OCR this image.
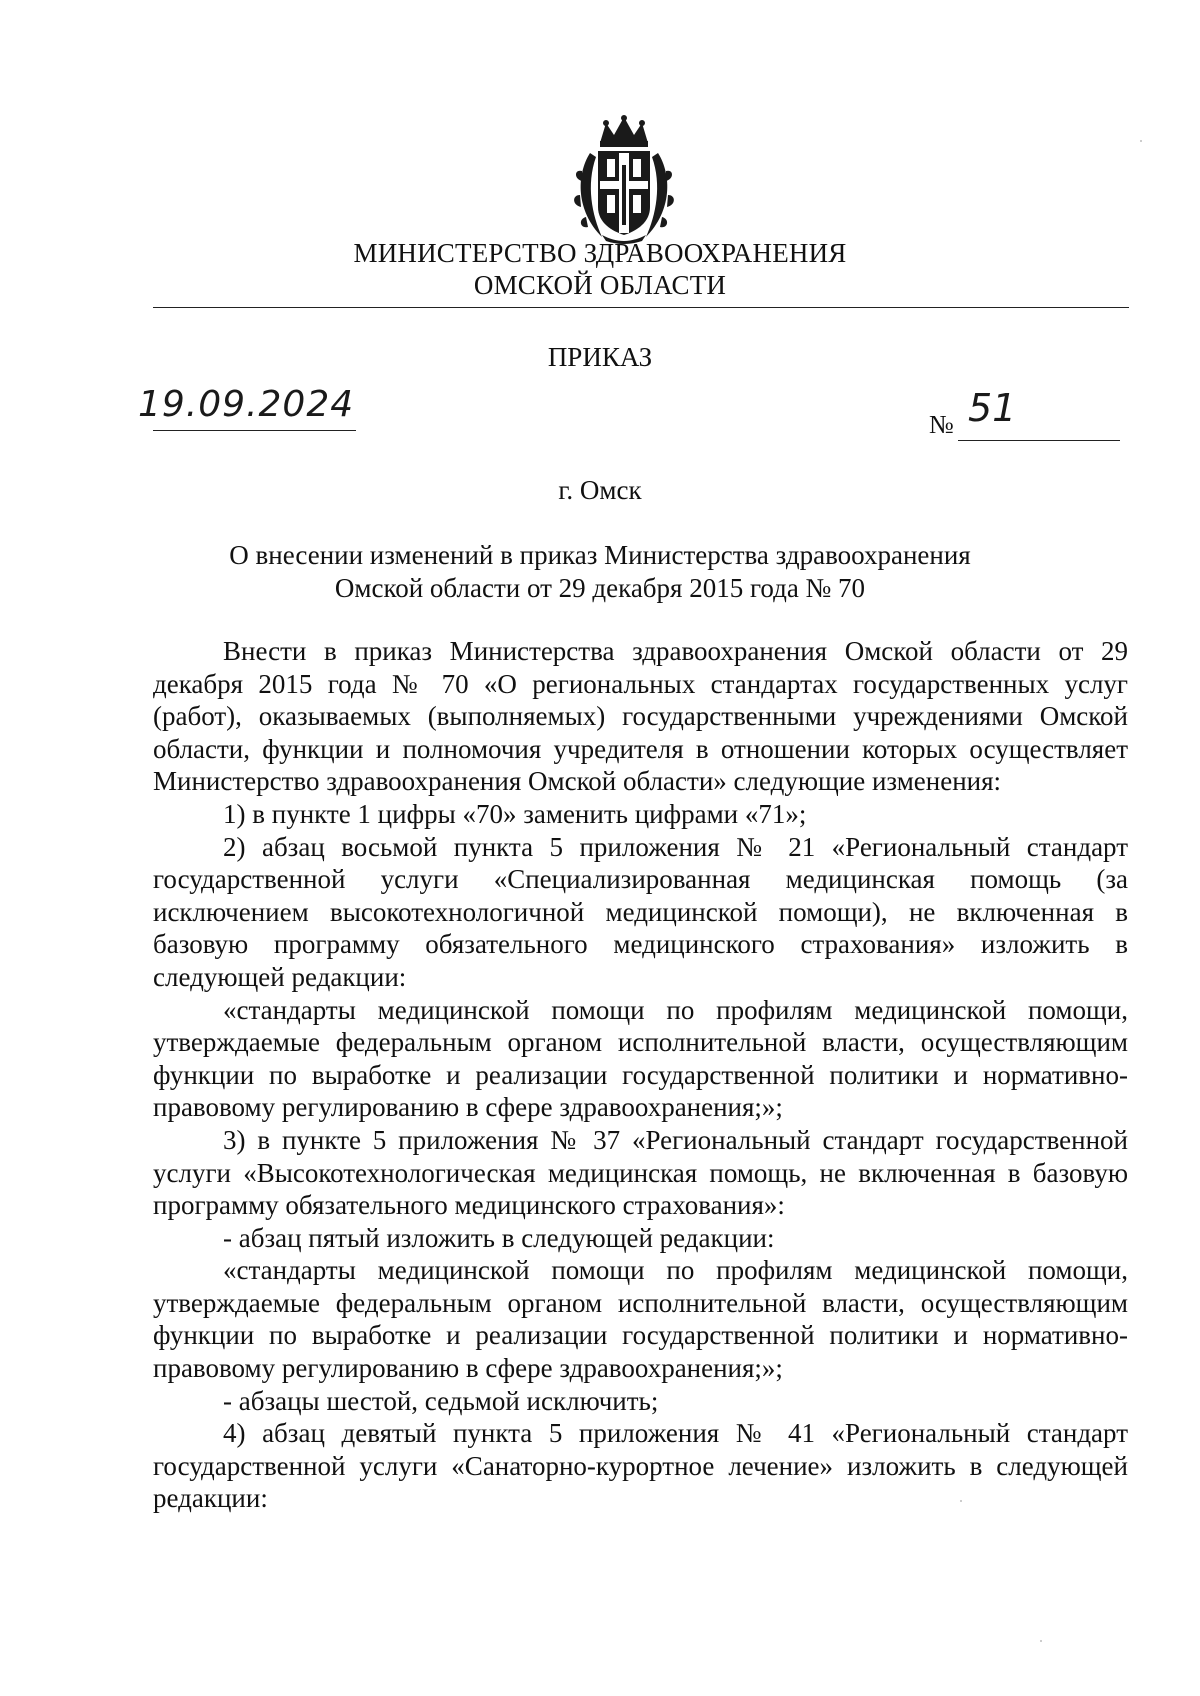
МИНИСТЕРСТВО ЗДРАВООХРАНЕНИЯ
ОМСКОЙ ОБЛАСТИ
ПРИКАЗ
19.09.2024	№ 51
г. Омск
О внесении изменений в приказ Министерства здравоохранения
Омской области от 29 декабря 2015 года № 70

Внести в приказ Министерства здравоохранения Омской области от 29 декабря 2015 года № 70 «О региональных стандартах государственных услуг (работ), оказываемых (выполняемых) государственными учреждениями Омской области, функции и полномочия учредителя в отношении которых осуществляет Министерство здравоохранения Омской области» следующие изменения:

1) в пункте 1 цифры «70» заменить цифрами «71»;

2) абзац восьмой пункта 5 приложения № 21 «Региональный стандарт государственной услуги «Специализированная медицинская помощь (за исключением высокотехнологичной медицинской помощи), не включенная в базовую программу обязательного медицинского страхования» изложить в следующей редакции:

«стандарты медицинской помощи по профилям медицинской помощи, утверждаемые федеральным органом исполнительной власти, осуществляющим функции по выработке и реализации государственной политики и нормативно-правовому регулированию в сфере здравоохранения;»;

3) в пункте 5 приложения № 37 «Региональный стандарт государственной услуги «Высокотехнологическая медицинская помощь, не включенная в базовую программу обязательного медицинского страхования»:

- абзац пятый изложить в следующей редакции:

«стандарты медицинской помощи по профилям медицинской помощи, утверждаемые федеральным органом исполнительной власти, осуществляющим функции по выработке и реализации государственной политики и нормативно-правовому регулированию в сфере здравоохранения;»;

- абзацы шестой, седьмой исключить;

4) абзац девятый пункта 5 приложения № 41 «Региональный стандарт государственной услуги «Санаторно-курортное лечение» изложить в следующей редакции:
